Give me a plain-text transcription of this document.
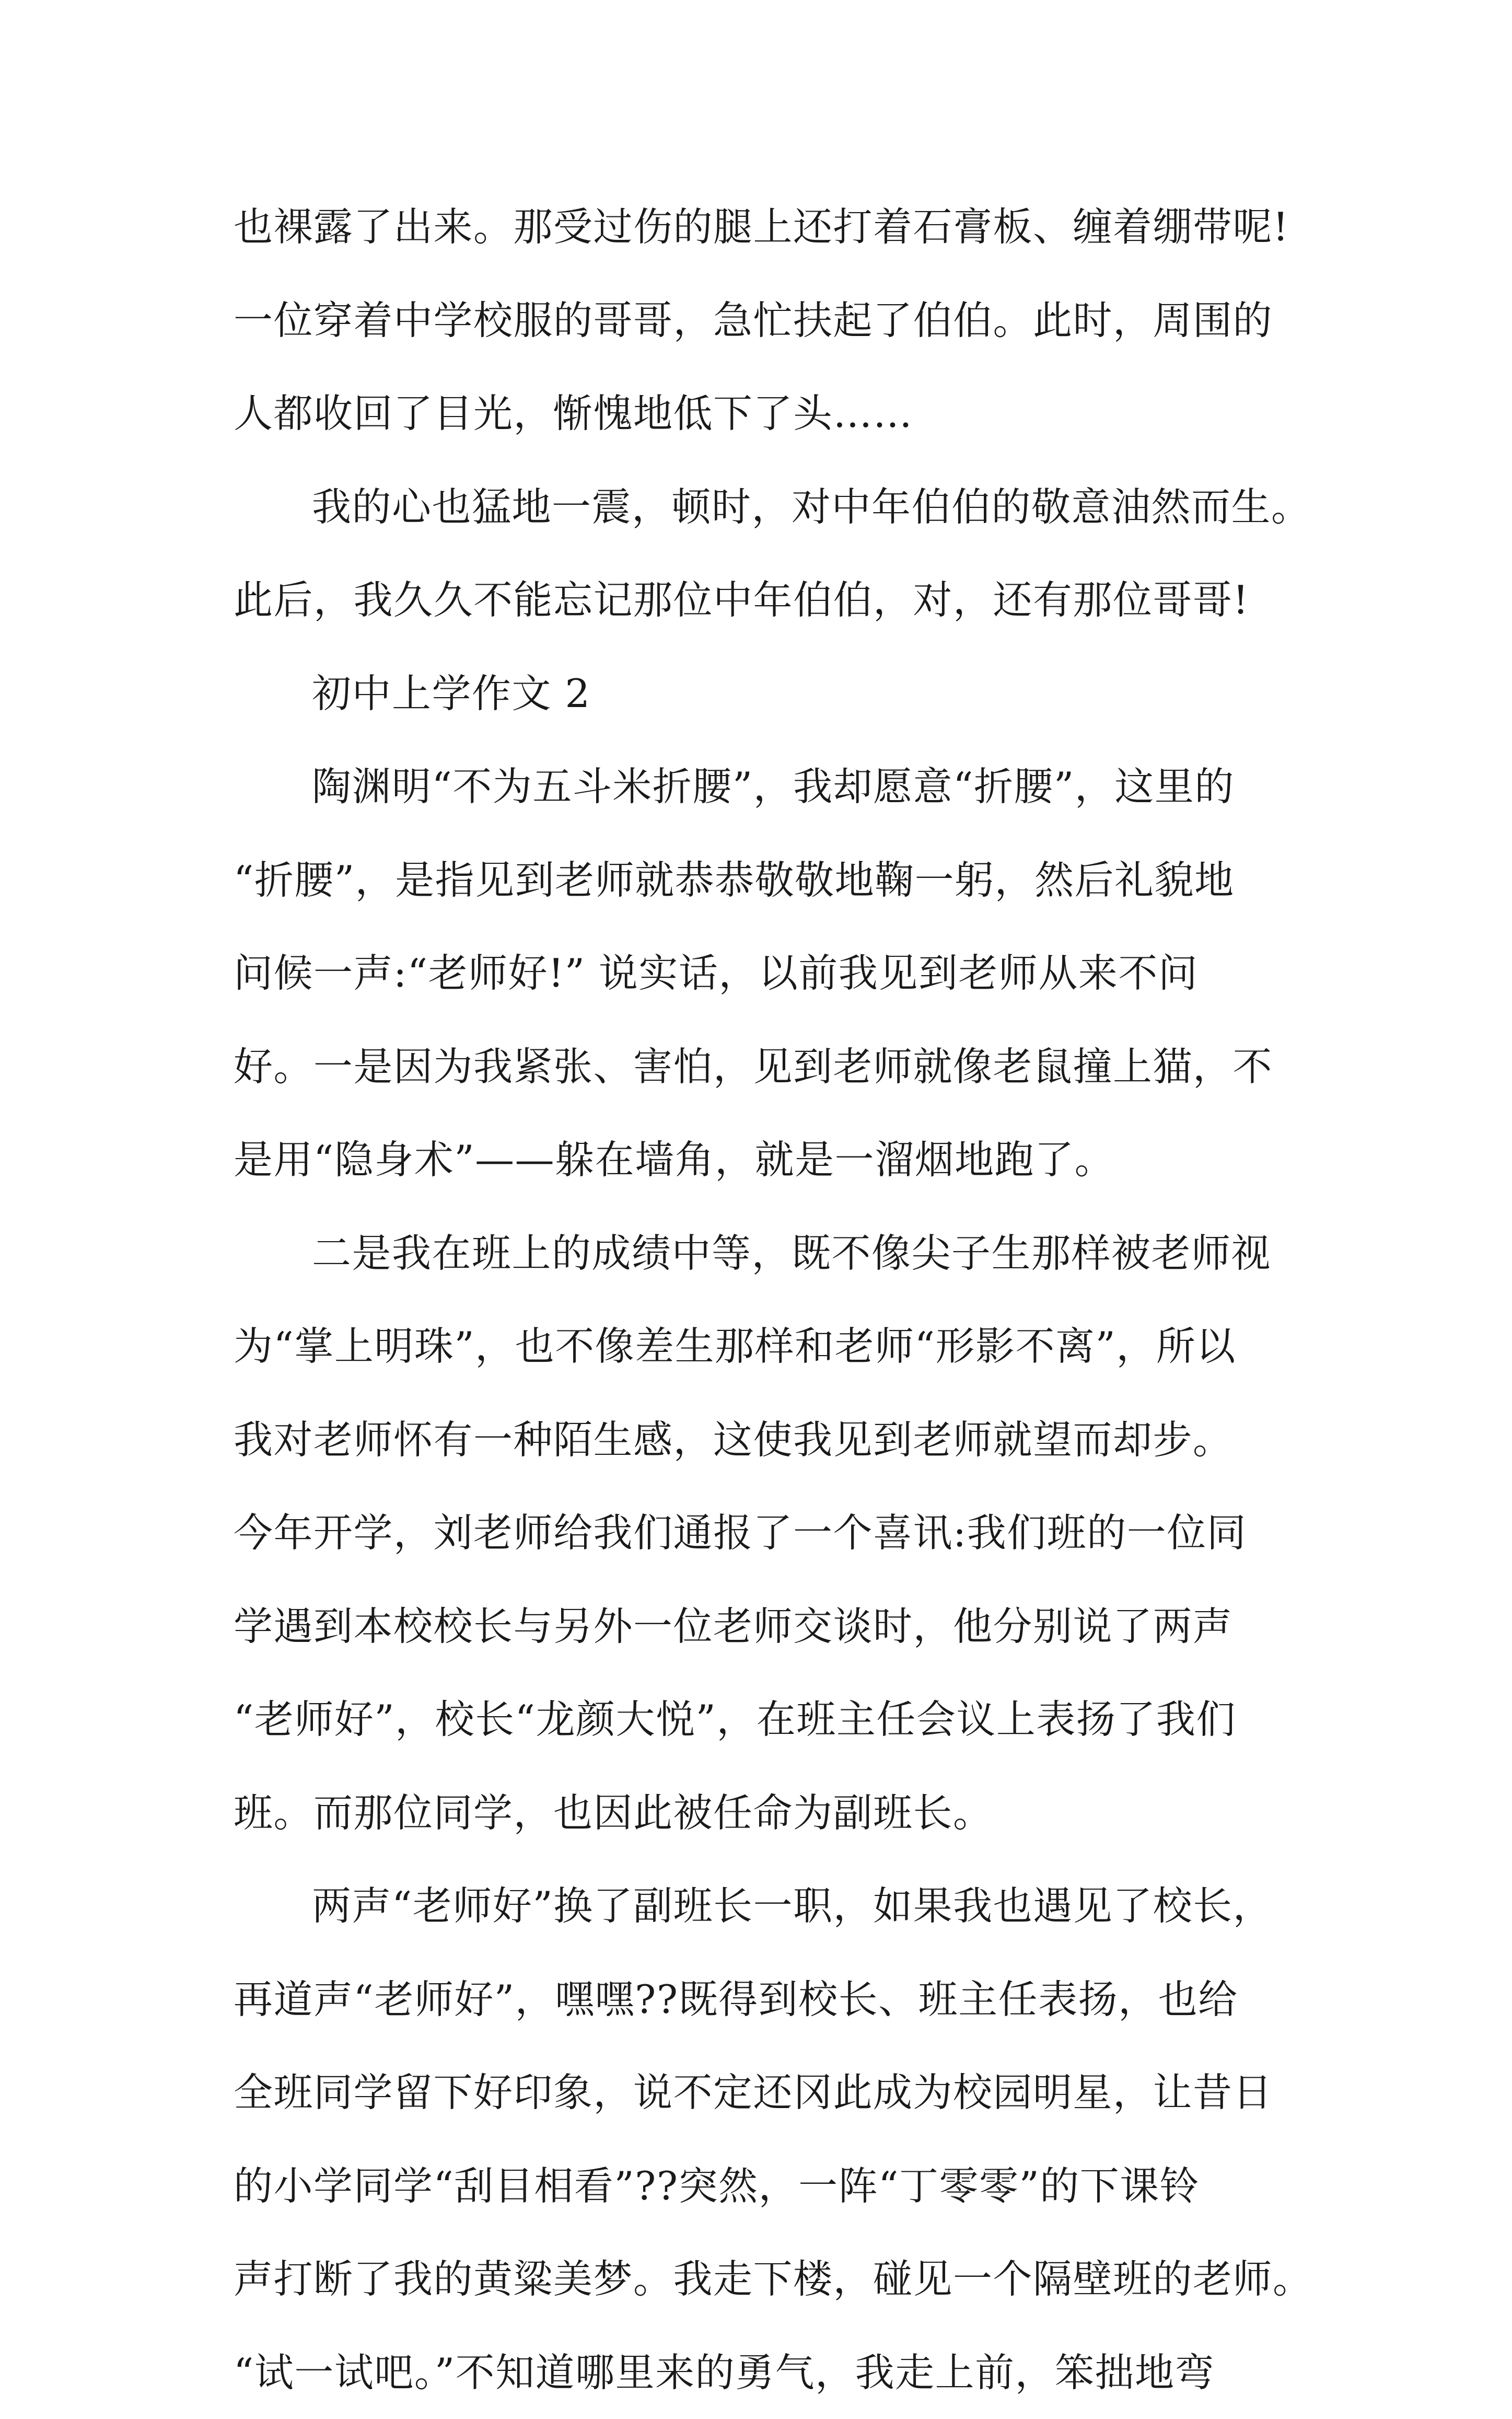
也裸露了出来。那受过伤的腿上还打着石膏板、缠着绷带呢!
一位穿着中学校服的哥哥，急忙扶起了伯伯。此时，周围的
人都收回了目光，惭愧地低下了头……
我的心也猛地一震，顿时，对中年伯伯的敬意油然而生。
此后，我久久不能忘记那位中年伯伯，对，还有那位哥哥!
初中上学作文 2
陶渊明“不为五斗米折腰”，我却愿意“折腰”，这里的
“折腰”，是指见到老师就恭恭敬敬地鞠一躬，然后礼貌地
问候一声:“老师好!” 说实话，以前我见到老师从来不问
好。一是因为我紧张、害怕，见到老师就像老鼠撞上猫，不
是用“隐身术”——躲在墙角，就是一溜烟地跑了。
二是我在班上的成绩中等，既不像尖子生那样被老师视
为“掌上明珠”，也不像差生那样和老师“形影不离”，所以
我对老师怀有一种陌生感，这使我见到老师就望而却步。
今年开学，刘老师给我们通报了一个喜讯:我们班的一位同
学遇到本校校长与另外一位老师交谈时，他分别说了两声
“老师好”，校长“龙颜大悦”，在班主任会议上表扬了我们
班。而那位同学，也因此被任命为副班长。
两声“老师好”换了副班长一职，如果我也遇见了校长，
再道声“老师好”，嘿嘿??既得到校长、班主任表扬，也给
全班同学留下好印象，说不定还冈此成为校园明星，让昔日
的小学同学“刮目相看”??突然，一阵“丁零零”的下课铃
声打断了我的黄粱美梦。我走下楼，碰见一个隔壁班的老师。
“试一试吧。”不知道哪里来的勇气，我走上前，笨拙地弯
